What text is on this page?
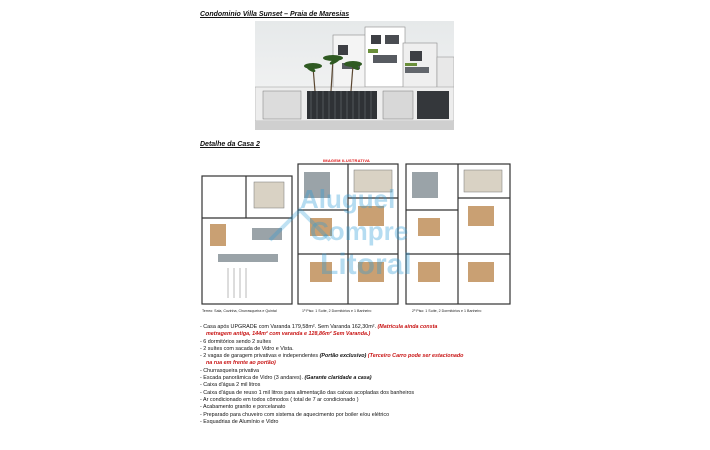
Condominio Villa Sunset – Praia de Maresias
Detalhe da Casa 2
IMAGEM ILUSTRATIVA
Aluguel
Compre
Litoral
Terreo: Sala, Cozinha, Churrasqueira e Quintal	1º Piso: 1 Suíte, 2 Dormitórios e 1 Banheiro	2º Piso: 1 Suíte, 2 Dormitórios e 1 Banheiro
- Casa após UPGRADE com Varanda 179,58m². Sem Varanda 162,30m². (Matricula ainda consta
metragem antiga, 144m² com varanda e 128,86m² Sem Varanda.)
- 6 dormitórios sendo 2 suítes
- 2 suítes com sacada de Vidro e Vista.
- 2 vagas de garagem privativas e independentes (Portão exclusivo) (Terceiro Carro pode ser estacionado
na rua em frente ao portão)
- Churrasqueira privativa
- Escada panorâmica de Vidro (3 andares). (Garante claridade a casa)
- Caixa d'água 2 mil litros
- Caixa d'água de reuso 1 mil litros para alimentação das caixas acopladas dos banheiros
- Ar condicionado em todos cômodos ( total de 7 ar condicionado )
- Acabamento granito e porcelanato
- Preparado para chuveiro com sistema de aquecimento por boiler e/ou elétrico
- Esquadrias de Alumínio e Vidro
